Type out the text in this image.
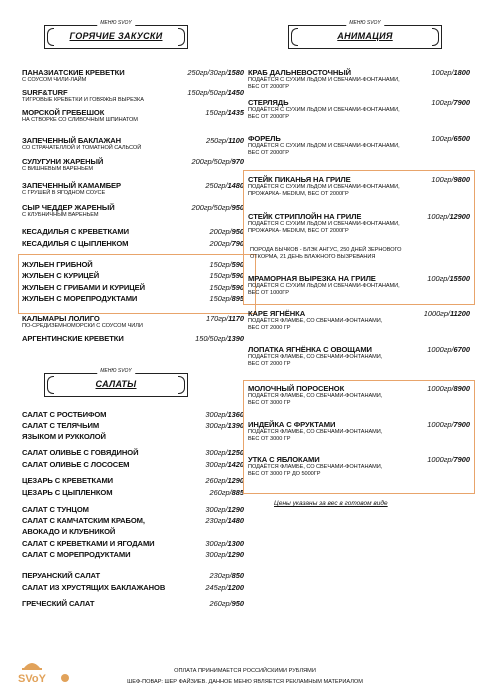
МЕНЮ SVOY
ГОРЯЧИЕ ЗАКУСКИ
ПАНАЗИАТСКИЕ КРЕВЕТКИ	250гр/30гр/1580
С СОУСОМ ЧИЛИ-ЛАЙМ
SURF&TURF	150гр/50гр/1450
ТИГРОВЫЕ КРЕВЕТКИ И ГОВЯЖЬЯ ВЫРЕЗКА
МОРСКОЙ ГРЕБЕШОК	150гр/1435
НА СТВОРКЕ СО СЛИВОЧНЫМ ШПИНАТОМ
ЗАПЕЧЕННЫЙ БАКЛАЖАН	250гр/1100
СО СТРАЧАТЕЛЛОЙ И ТОМАТНОЙ САЛЬСОЙ
СУЛУГУНИ ЖАРЕНЫЙ	200гр/50гр/970
С ВИШНЕВЫМ ВАРЕНЬЕМ
ЗАПЕЧЕННЫЙ КАМАМБЕР	250гр/1480
С ГРУШЕЙ В ЯГОДНОМ СОУСЕ
СЫР ЧЕДДЕР ЖАРЕНЫЙ	200гр/50гр/950
С КЛУБНИЧНЫМ ВАРЕНЬЕМ
КЕСАДИЛЬЯ С КРЕВЕТКАМИ	200гр/950
КЕСАДИЛЬЯ С ЦЫПЛЕНКОМ	200гр/790
ЖУЛЬЕН ГРИБНОЙ	150гр/590
ЖУЛЬЕН С КУРИЦЕЙ	150гр/590
ЖУЛЬЕН С ГРИБАМИ И КУРИЦЕЙ	150гр/590
ЖУЛЬЕН С МОРЕПРОДУКТАМИ	150гр/895
КАЛЬМАРЫ ЛОЛИГО	170гр/1170
ПО-СРЕДИЗЕМНОМОРСКИ С СОУСОМ ЧИЛИ
АРГЕНТИНСКИЕ КРЕВЕТКИ	150/50гр/1390
МЕНЮ SVOY
САЛАТЫ
САЛАТ С РОСТБИФОМ	300гр/1360
САЛАТ С ТЕЛЯЧЬИМ	300гр/1390
ЯЗЫКОМ И РУККОЛОЙ
САЛАТ ОЛИВЬЕ С ГОВЯДИНОЙ	300гр/1250
САЛАТ ОЛИВЬЕ С ЛОСОСЕМ	300гр/1420
ЦЕЗАРЬ С КРЕВЕТКАМИ	260гр/1290
ЦЕЗАРЬ С ЦЫПЛЕНКОМ	260гр/885
САЛАТ С ТУНЦОМ	300гр/1290
САЛАТ С КАМЧАТСКИМ КРАБОМ,	230гр/1480
АВОКАДО И КЛУБНИКОЙ
САЛАТ С КРЕВЕТКАМИ И ЯГОДАМИ	300гр/1300
САЛАТ С МОРЕПРОДУКТАМИ	300гр/1290
ПЕРУАНСКИЙ САЛАТ	230гр/850
САЛАТ ИЗ ХРУСТЯЩИХ БАКЛАЖАНОВ	245гр/1200
ГРЕЧЕСКИЙ САЛАТ	260гр/950
МЕНЮ SVOY
АНИМАЦИЯ
КРАБ ДАЛЬНЕВОСТОЧНЫЙ	100гр/1800
ПОДАЁТСЯ С СУХИМ ЛЬДОМ И СВЕЧАМИ-ФОНТАНАМИ,
ВЕС ОТ 2000ГР
СТЕРЛЯДЬ	100гр/7900
ПОДАЁТСЯ С СУХИМ ЛЬДОМ И СВЕЧАМИ-ФОНТАНАМИ,
ВЕС ОТ 2000ГР
ФОРЕЛЬ	100гр/6500
ПОДАЁТСЯ С СУХИМ ЛЬДОМ И СВЕЧАМИ-ФОНТАНАМИ,
ВЕС ОТ 2000ГР
СТЕЙК ПИКАНЬЯ НА ГРИЛЕ	100гр/9800
ПОДАЁТСЯ С СУХИМ ЛЬДОМ И СВЕЧАМИ-ФОНТАНАМИ,
ПРОЖАРКА- MEDIUM, ВЕС ОТ 2000ГР
СТЕЙК СТРИПЛОЙН НА ГРИЛЕ	100гр/12900
ПОДАЁТСЯ С СУХИМ ЛЬДОМ И СВЕЧАМИ-ФОНТАНАМИ,
ПРОЖАРКА- MEDIUM, ВЕС ОТ 2000ГР
МРАМОРНАЯ ВЫРЕЗКА НА ГРИЛЕ	100гр/15500
ПОДАЁТСЯ С СУХИМ ЛЬДОМ И СВЕЧАМИ-ФОНТАНАМИ,
ВЕС ОТ 1000ГР
КАРЕ ЯГНЁНКА	1000гр/11200
ПОДАЁТСЯ ФЛАМБЕ, СО СВЕЧАМИ-ФОНТАНАМИ,
ВЕС ОТ 2000 ГР
ЛОПАТКА ЯГНЁНКА С ОВОЩАМИ	1000гр/6700
ПОДАЁТСЯ ФЛАМБЕ, СО СВЕЧАМИ-ФОНТАНАМИ,
ВЕС ОТ 2000 ГР
МОЛОЧНЫЙ ПОРОСЕНОК	1000гр/8900
ПОДАЁТСЯ ФЛАМБЕ, СО СВЕЧАМИ-ФОНТАНАМИ,
ВЕС ОТ 3000 ГР
ИНДЕЙКА С ФРУКТАМИ	1000гр/7900
ПОДАЁТСЯ ФЛАМБЕ, СО СВЕЧАМИ-ФОНТАНАМИ,
ВЕС ОТ 3000 ГР
УТКА С ЯБЛОКАМИ	1000гр/7900
ПОДАЁТСЯ ФЛАМБЕ, СО СВЕЧАМИ-ФОНТАНАМИ,
ВЕС ОТ 3000 ГР ДО 5000ГР
ПОРОДА БЫЧКОВ - БЛЭК АНГУС, 250 ДНЕЙ ЗЕРНОВОГО
ОТКОРМА, 21 ДЕНЬ ВЛАЖНОГО ВЫЗРЕВАНИЯ
Цены указаны за вес в готовом виде
SVoY
ОПЛАТА ПРИНИМАЕТСЯ РОССИЙСКИМИ РУБЛЯМИ
ШЕФ-ПОВАР: ШЕР ФАЙЗИЕВ. ДАННОЕ МЕНЮ ЯВЛЯЕТСЯ РЕКЛАМНЫМ МАТЕРИАЛОМ
